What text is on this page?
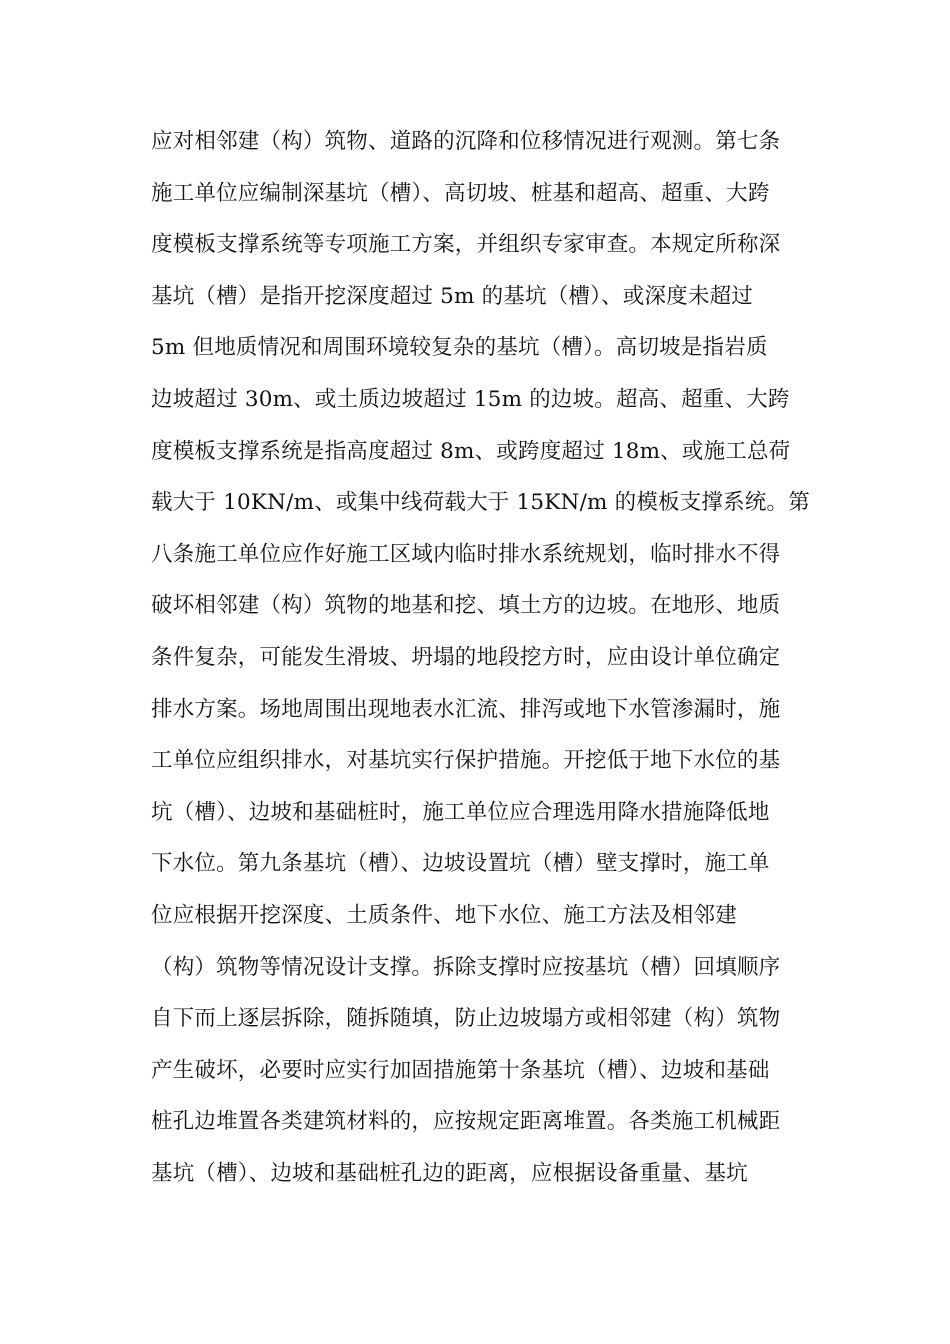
应对相邻建（构）筑物、道路的沉降和位移情况进行观测。第七条
施工单位应编制深基坑（槽）、高切坡、桩基和超高、超重、大跨
度模板支撑系统等专项施工方案，并组织专家审查。本规定所称深
基坑（槽）是指开挖深度超过 5m 的基坑（槽）、或深度未超过
5m 但地质情况和周围环境较复杂的基坑（槽）。高切坡是指岩质
边坡超过 30m、或土质边坡超过 15m 的边坡。超高、超重、大跨
度模板支撑系统是指高度超过 8m、或跨度超过 18m、或施工总荷
载大于 10KN/m、或集中线荷载大于 15KN/m 的模板支撑系统。第
八条施工单位应作好施工区域内临时排水系统规划，临时排水不得
破坏相邻建（构）筑物的地基和挖、填土方的边坡。在地形、地质
条件复杂，可能发生滑坡、坍塌的地段挖方时，应由设计单位确定
排水方案。场地周围出现地表水汇流、排泻或地下水管渗漏时，施
工单位应组织排水，对基坑实行保护措施。开挖低于地下水位的基
坑（槽）、边坡和基础桩时，施工单位应合理选用降水措施降低地
下水位。第九条基坑（槽）、边坡设置坑（槽）壁支撑时，施工单
位应根据开挖深度、土质条件、地下水位、施工方法及相邻建
（构）筑物等情况设计支撑。拆除支撑时应按基坑（槽）回填顺序
自下而上逐层拆除，随拆随填，防止边坡塌方或相邻建（构）筑物
产生破坏，必要时应实行加固措施第十条基坑（槽）、边坡和基础
桩孔边堆置各类建筑材料的，应按规定距离堆置。各类施工机械距
基坑（槽）、边坡和基础桩孔边的距离，应根据设备重量、基坑
